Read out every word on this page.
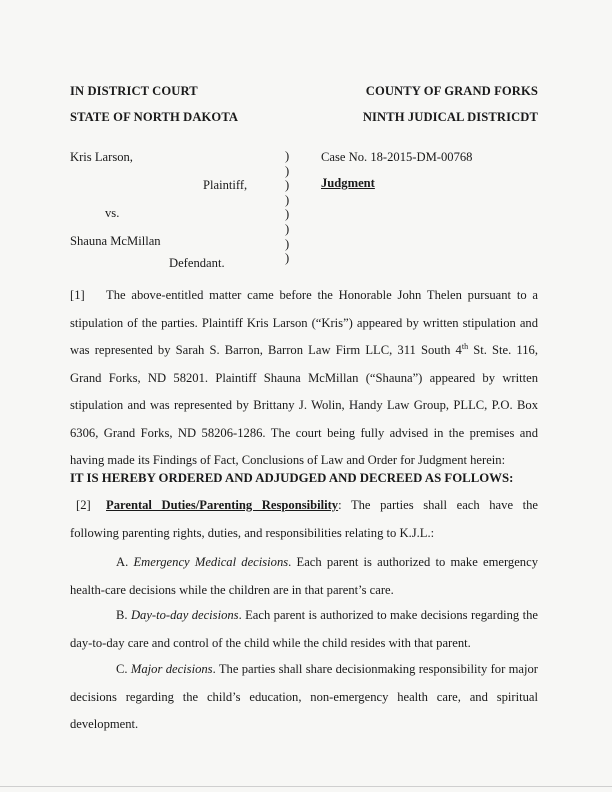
IN DISTRICT COURT
STATE OF NORTH DAKOTA
COUNTY OF GRAND FORKS
NINTH JUDICAL DISTRICDT
Kris Larson,
Plaintiff,
vs.
Shauna McMillan
Defendant.
)
)
)
)
)
)
)
)
Case No. 18-2015-DM-00768
Judgment
[1] The above-entitled matter came before the Honorable John Thelen pursuant to a stipulation of the parties. Plaintiff Kris Larson (“Kris”) appeared by written stipulation and was represented by Sarah S. Barron, Barron Law Firm LLC, 311 South 4th St. Ste. 116, Grand Forks, ND 58201. Plaintiff Shauna McMillan (“Shauna”) appeared by written stipulation and was represented by Brittany J. Wolin, Handy Law Group, PLLC, P.O. Box 6306, Grand Forks, ND 58206-1286. The court being fully advised in the premises and having made its Findings of Fact, Conclusions of Law and Order for Judgment herein:
IT IS HEREBY ORDERED AND ADJUDGED AND DECREED AS FOLLOWS:
[2] Parental Duties/Parenting Responsibility: The parties shall each have the following parenting rights, duties, and responsibilities relating to K.J.L.:
A. Emergency Medical decisions. Each parent is authorized to make emergency health-care decisions while the children are in that parent’s care.
B. Day-to-day decisions. Each parent is authorized to make decisions regarding the day-to-day care and control of the child while the child resides with that parent.
C. Major decisions. The parties shall share decisionmaking responsibility for major decisions regarding the child’s education, non-emergency health care, and spiritual development.
